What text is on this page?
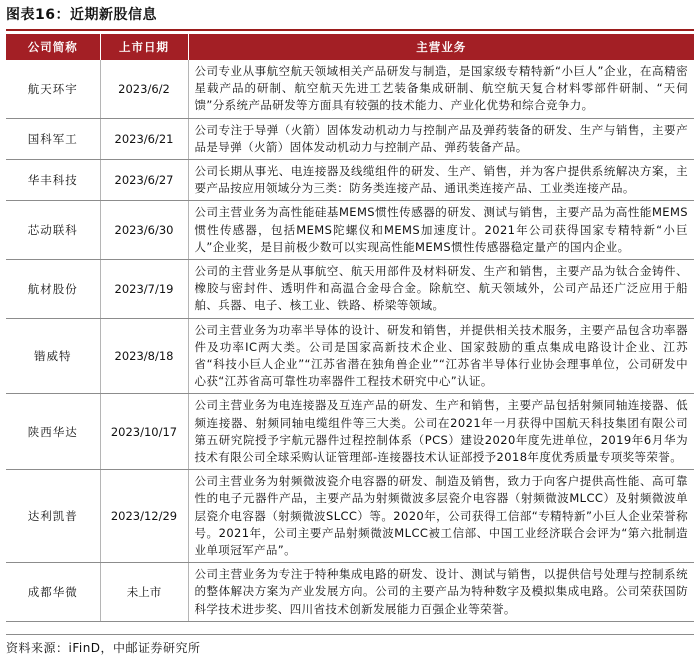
图表16：近期新股信息
公司简称	上市日期	主营业务
航天环宇	2023/6/2	公司专业从事航空航天领域相关产品研发与制造，是国家级专精特新“小巨人”企业，在高精密星载产品的研制、航空航天先进工艺装备集成研制、航空航天复合材料零部件研制、“天伺馈”分系统产品研发等方面具有较强的技术能力、产业化优势和综合竞争力。
国科军工	2023/6/21	公司专注于导弹（火箭）固体发动机动力与控制产品及弹药装备的研发、生产与销售，主要产品是导弹（火箭）固体发动机动力与控制产品、弹药装备产品。
华丰科技	2023/6/27	公司长期从事光、电连接器及线缆组件的研发、生产、销售，并为客户提供系统解决方案，主要产品按应用领域分为三类：防务类连接产品、通讯类连接产品、工业类连接产品。
芯动联科	2023/6/30	公司主营业务为高性能硅基MEMS惯性传感器的研发、测试与销售，主要产品为高性能MEMS惯性传感器，包括MEMS陀螺仪和MEMS加速度计。2021年公司获得国家专精特新“小巨人”企业奖，是目前极少数可以实现高性能MEMS惯性传感器稳定量产的国内企业。
航材股份	2023/7/19	公司的主营业务是从事航空、航天用部件及材料研发、生产和销售，主要产品为钛合金铸件、橡胶与密封件、透明件和高温合金母合金。除航空、航天领域外，公司产品还广泛应用于船舶、兵器、电子、核工业、铁路、桥梁等领域。
锴威特	2023/8/18	公司主营业务为功率半导体的设计、研发和销售，并提供相关技术服务，主要产品包含功率器件及功率IC两大类。公司是国家高新技术企业、国家鼓励的重点集成电路设计企业、江苏省“科技小巨人企业”“江苏省潜在独角兽企业”“江苏省半导体行业协会理事单位，公司研发中心获“江苏省高可靠性功率器件工程技术研究中心”认证。
陕西华达	2023/10/17	公司主营业务为电连接器及互连产品的研发、生产和销售，主要产品包括射频同轴连接器、低频连接器、射频同轴电缆组件等三大类。公司在2021年一月获得中国航天科技集团有限公司第五研究院授予宇航元器件过程控制体系（PCS）建设2020年度先进单位，2019年6月华为技术有限公司全球采购认证管理部-连接器技术认证部授予2018年度优秀质量专项奖等荣誉。
达利凯普	2023/12/29	公司主营业务为射频微波瓷介电容器的研发、制造及销售，致力于向客户提供高性能、高可靠性的电子元器件产品，主要产品为射频微波多层瓷介电容器（射频微波MLCC）及射频微波单层瓷介电容器（射频微波SLCC）等。2020年，公司获得工信部“专精特新”小巨人企业荣誉称号。2021年，公司主要产品射频微波MLCC被工信部、中国工业经济联合会评为“第六批制造业单项冠军产品”。
成都华微	未上市	公司主营业务为专注于特种集成电路的研发、设计、测试与销售，以提供信号处理与控制系统的整体解决方案为产业发展方向。公司的主要产品为特种数字及模拟集成电路。公司荣获国防科学技术进步奖、四川省技术创新发展能力百强企业等荣誉。
资料来源：iFinD，中邮证券研究所
